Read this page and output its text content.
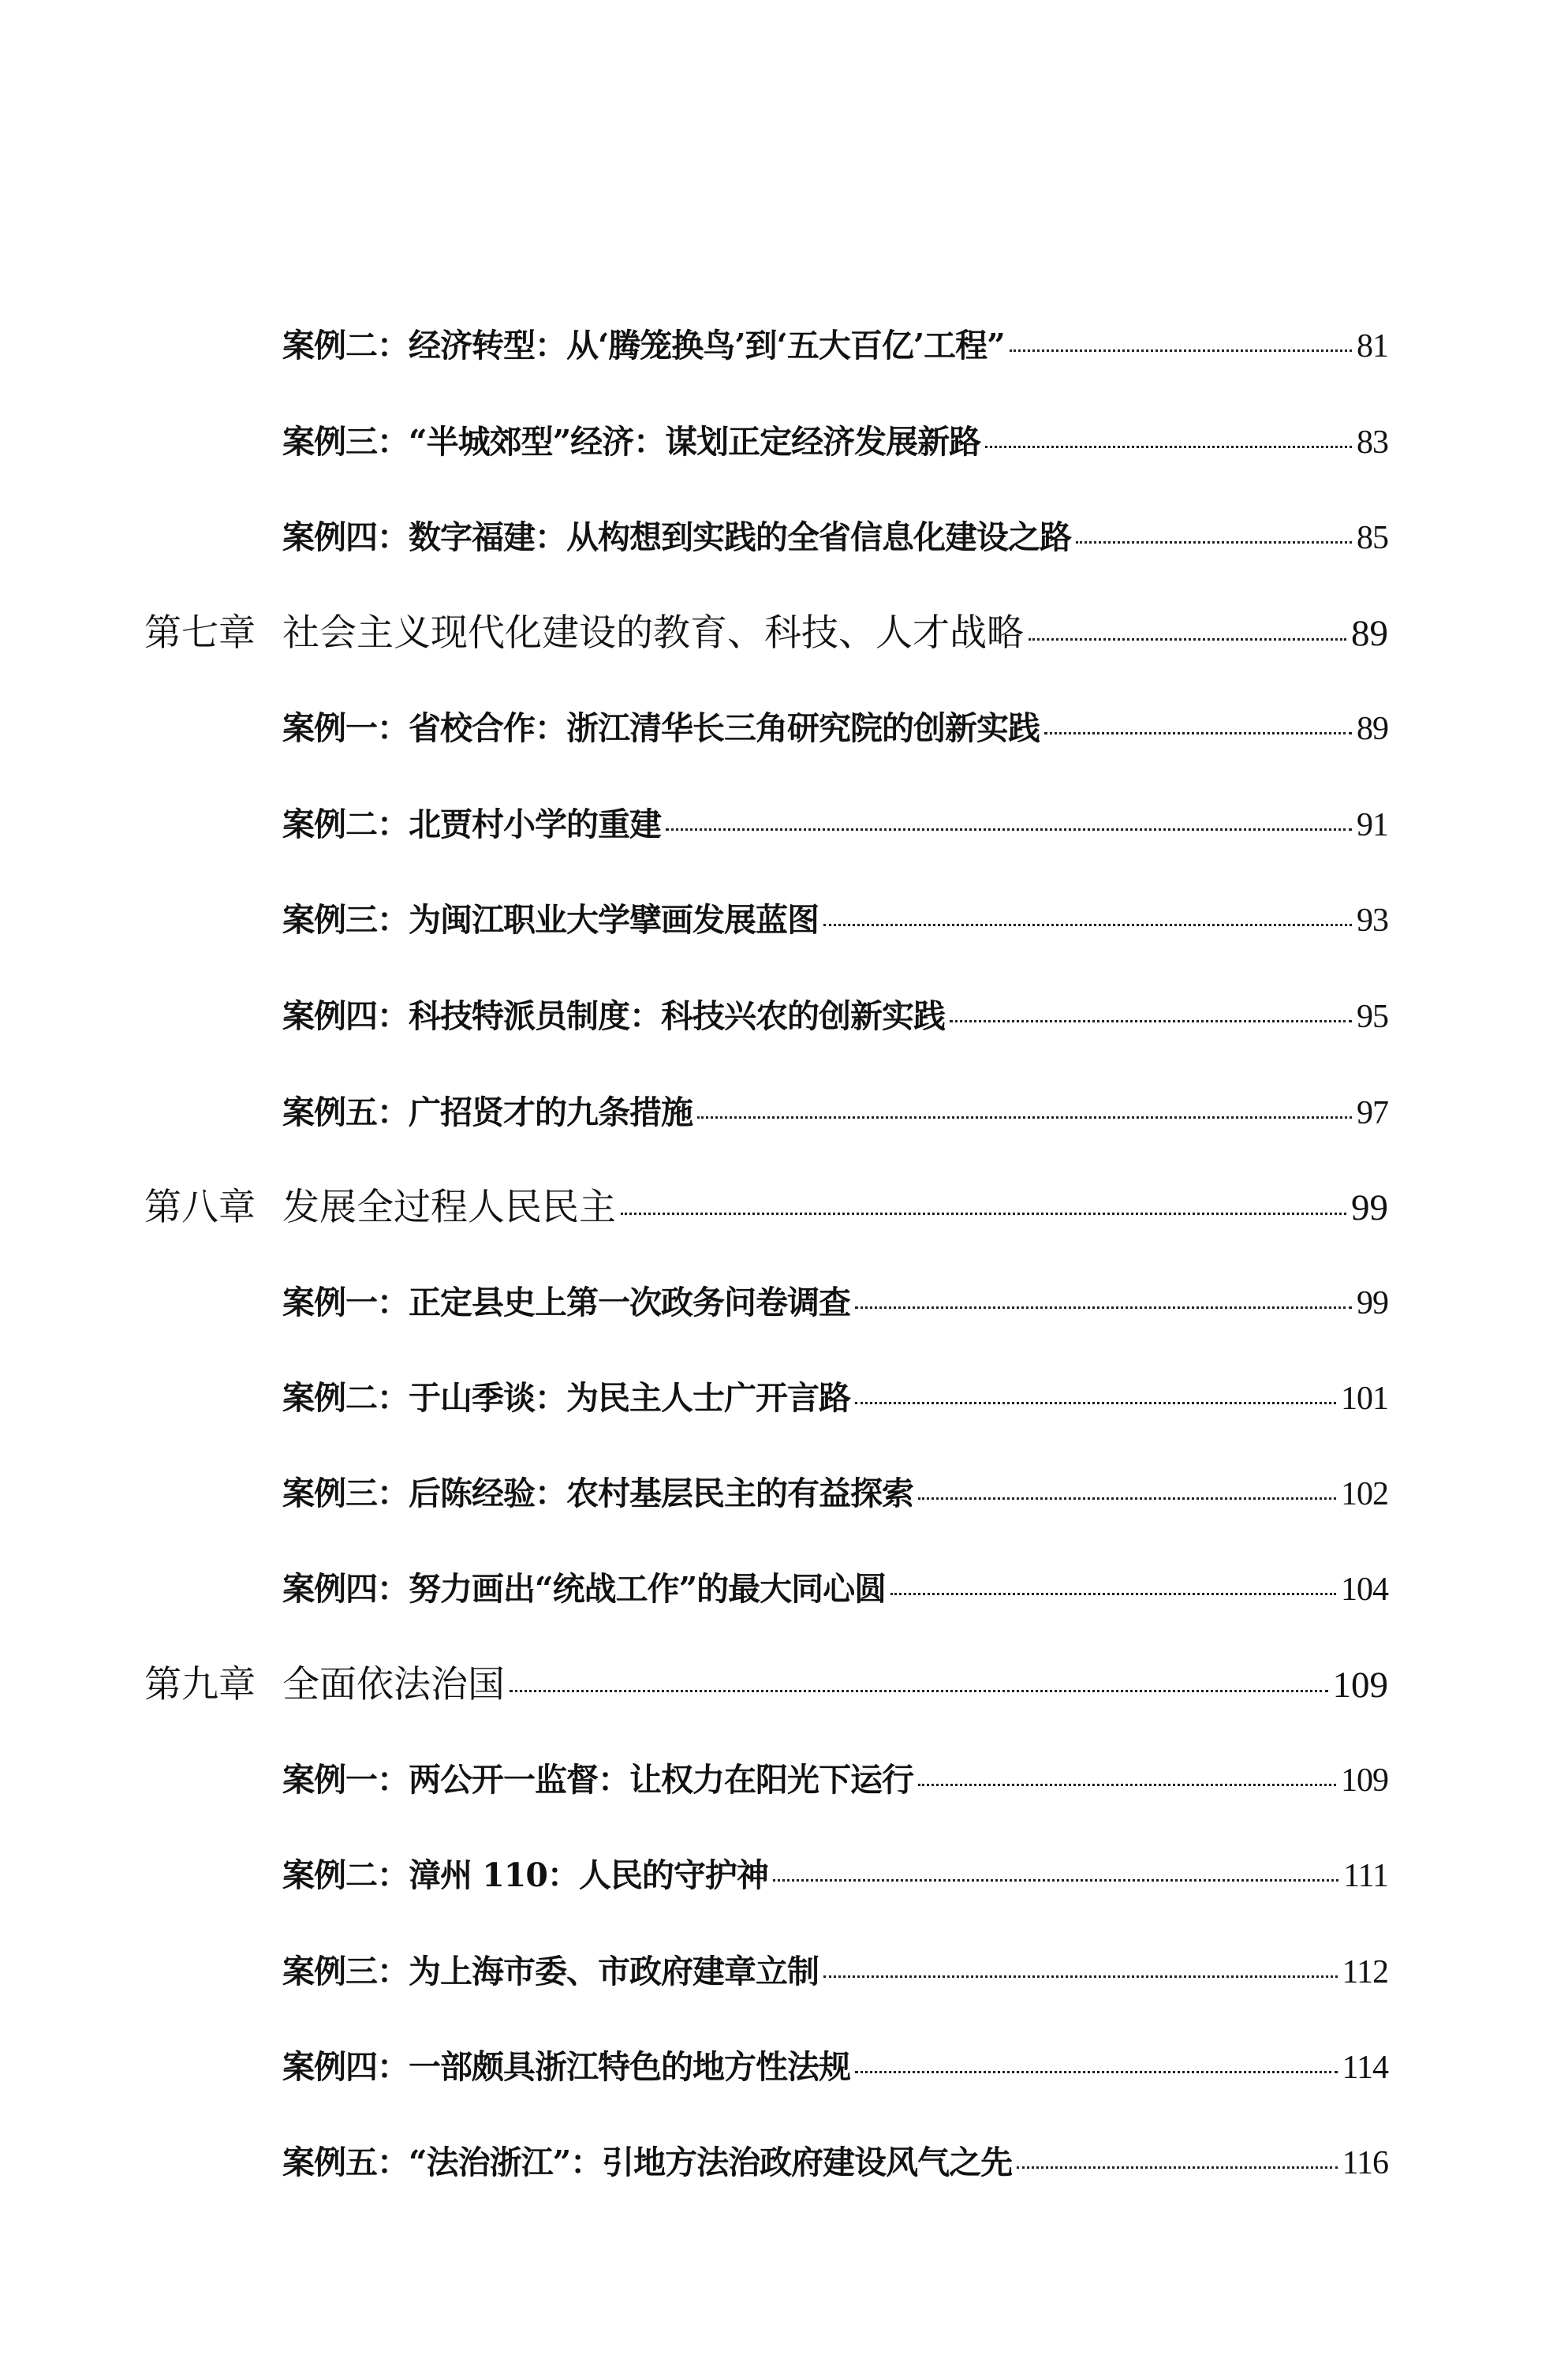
案例二：经济转型：从‘腾笼换鸟’到‘五大百亿’工程”	81
案例三：“半城郊型”经济：谋划正定经济发展新路	83
案例四：数字福建：从构想到实践的全省信息化建设之路	85
第七章 社会主义现代化建设的教育、科技、人才战略	89
案例一：省校合作：浙江清华长三角研究院的创新实践	89
案例二：北贾村小学的重建	91
案例三：为闽江职业大学擘画发展蓝图	93
案例四：科技特派员制度：科技兴农的创新实践	95
案例五：广招贤才的九条措施	97
第八章 发展全过程人民民主	99
案例一：正定县史上第一次政务问卷调查	99
案例二：于山季谈：为民主人士广开言路	101
案例三：后陈经验：农村基层民主的有益探索	102
案例四：努力画出“统战工作”的最大同心圆	104
第九章 全面依法治国	109
案例一：两公开一监督：让权力在阳光下运行	109
案例二：漳州 110：人民的守护神	111
案例三：为上海市委、市政府建章立制	112
案例四：一部颇具浙江特色的地方性法规	114
案例五：“法治浙江”：引地方法治政府建设风气之先	116
